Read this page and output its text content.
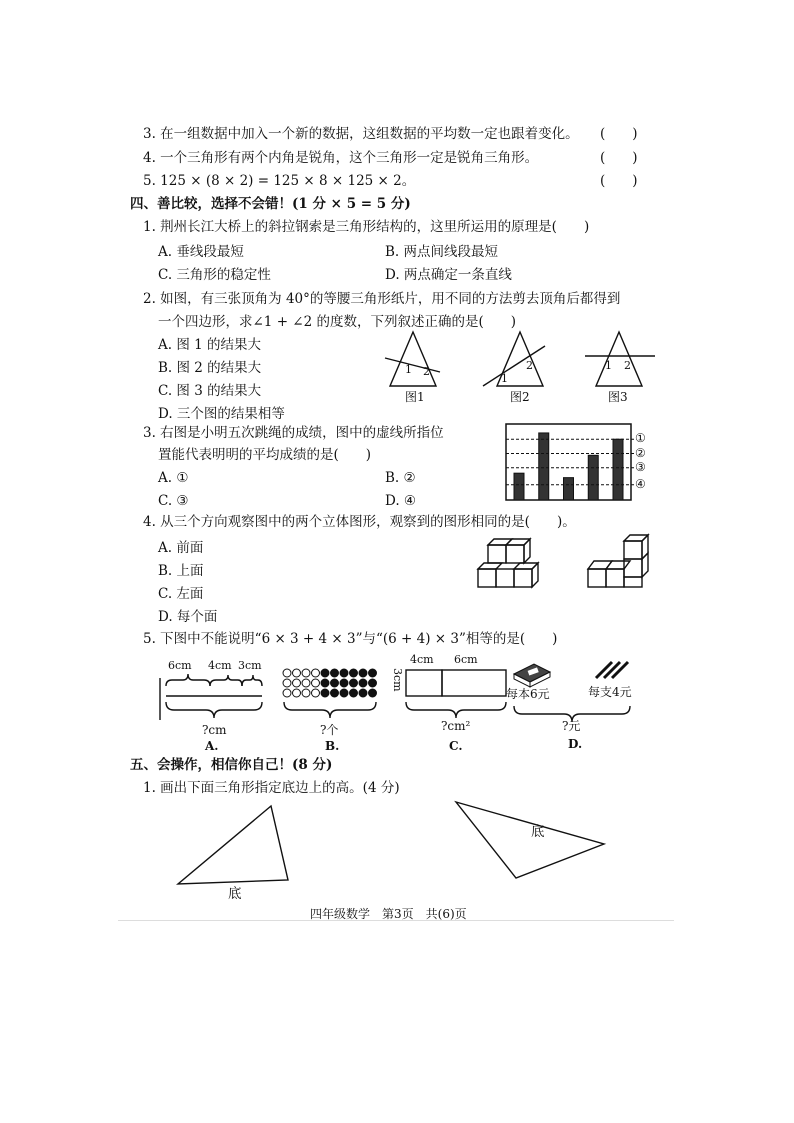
3. 在一组数据中加入一个新的数据，这组数据的平均数一定也跟着变化。 (　　)
4. 一个三角形有两个内角是锐角，这个三角形一定是锐角三角形。	(　　)
5. 125 × (8 × 2) = 125 × 8 × 125 × 2。	(　　)
四、善比较，选择不会错！(1 分 × 5 = 5 分)
1. 荆州长江大桥上的斜拉钢索是三角形结构的，这里所运用的原理是(　　)
A. 垂线段最短	B. 两点间线段最短
C. 三角形的稳定性	D. 两点确定一条直线
2. 如图，有三张顶角为 40°的等腰三角形纸片，用不同的方法剪去顶角后都得到
一个四边形，求∠1 + ∠2 的度数，下列叙述正确的是(　　)
A. 图 1 的结果大
B. 图 2 的结果大
C. 图 3 的结果大
D. 三个图的结果相等
1 2
1
2	1 2
图1	图2	图3
3. 右图是小明五次跳绳的成绩，图中的虚线所指位
置能代表明明的平均成绩的是(　　)
A. ①	B. ②
C. ③	D. ④
①
②
③
④
4. 从三个方向观察图中的两个立体图形，观察到的图形相同的是(　　)。
A. 前面
B. 上面
C. 左面
D. 每个面
5. 下图中不能说明“6 × 3 + 4 × 3”与“(6 + 4) × 3”相等的是(　　)
6cm 4cm 3cm
?cm
A.
?个
B.
4cm 6cm
3cm
?cm²
C.
每本6元	每支4元
?元
D.
五、会操作，相信你自己！(8 分)
1. 画出下面三角形指定底边上的高。(4 分)
底
底
四年级数学　第3页　共(6)页
